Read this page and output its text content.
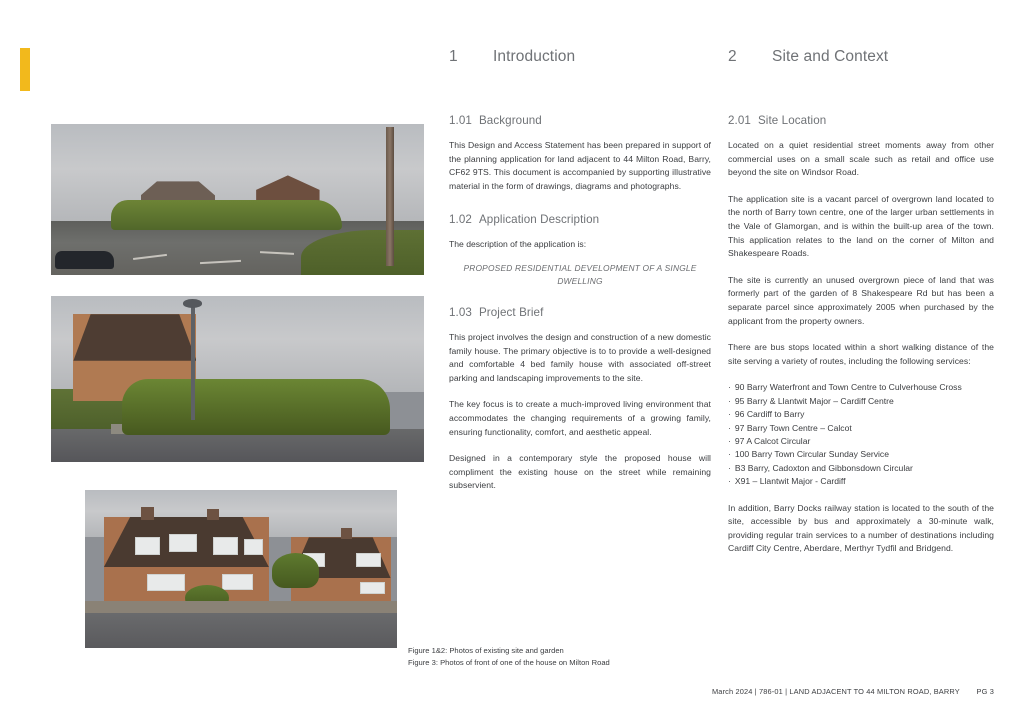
1	Introduction
1.01 Background

This Design and Access Statement has been prepared in support of the planning application for land adjacent to 44 Milton Road, Barry, CF62 9TS. This document is accompanied by supporting illustrative material in the form of drawings, diagrams and photographs.

1.02 Application Description

The description of the application is:

PROPOSED RESIDENTIAL DEVELOPMENT OF A SINGLE DWELLING

1.03 Project Brief

This project involves the design and construction of a new domestic family house. The primary objective is to to provide a well-designed and comfortable 4 bed family house with associated off-street parking and landscaping improvements to the site.

The key focus is to create a much-improved living environment that accommodates the changing requirements of a growing family, ensuring functionality, comfort, and aesthetic appeal.

Designed in a contemporary style the proposed house will compliment the existing house on the street while remaining subservient.

2	Site and Context
2.01 Site Location

Located on a quiet residential street moments away from other commercial uses on a small scale such as retail and office use beyond the site on Windsor Road.

The application site is a vacant parcel of overgrown land located to the north of Barry town centre, one of the larger urban settlements in the Vale of Glamorgan, and is within the built-up area of the town. This application relates to the land on the corner of Milton and Shakespeare Roads.

The site is currently an unused overgrown piece of land that was formerly part of the garden of 8 Shakespeare Rd but has been a separate parcel since approximately 2005 when purchased by the applicant from the property owners.

There are bus stops located within a short walking distance of the site serving a variety of routes, including the following services:

· 90 Barry Waterfront and Town Centre to Culverhouse Cross
· 95 Barry & Llantwit Major – Cardiff Centre
· 96 Cardiff to Barry
· 97 Barry Town Centre – Calcot
· 97 A Calcot Circular
· 100 Barry Town Circular Sunday Service
· B3 Barry, Cadoxton and Gibbonsdown Circular
· X91 – Llantwit Major - Cardiff

In addition, Barry Docks railway station is located to the south of the site, accessible by bus and approximately a 30-minute walk, providing regular train services to a number of destinations including Cardiff City Centre, Aberdare, Merthyr Tydfil and Bridgend.

Figure 1&2: Photos of existing site and garden
Figure 3: Photos of front of one of the house on Milton Road
March 2024 | 786-01 | LAND ADJACENT TO 44 MILTON ROAD, BARRY	PG 3
